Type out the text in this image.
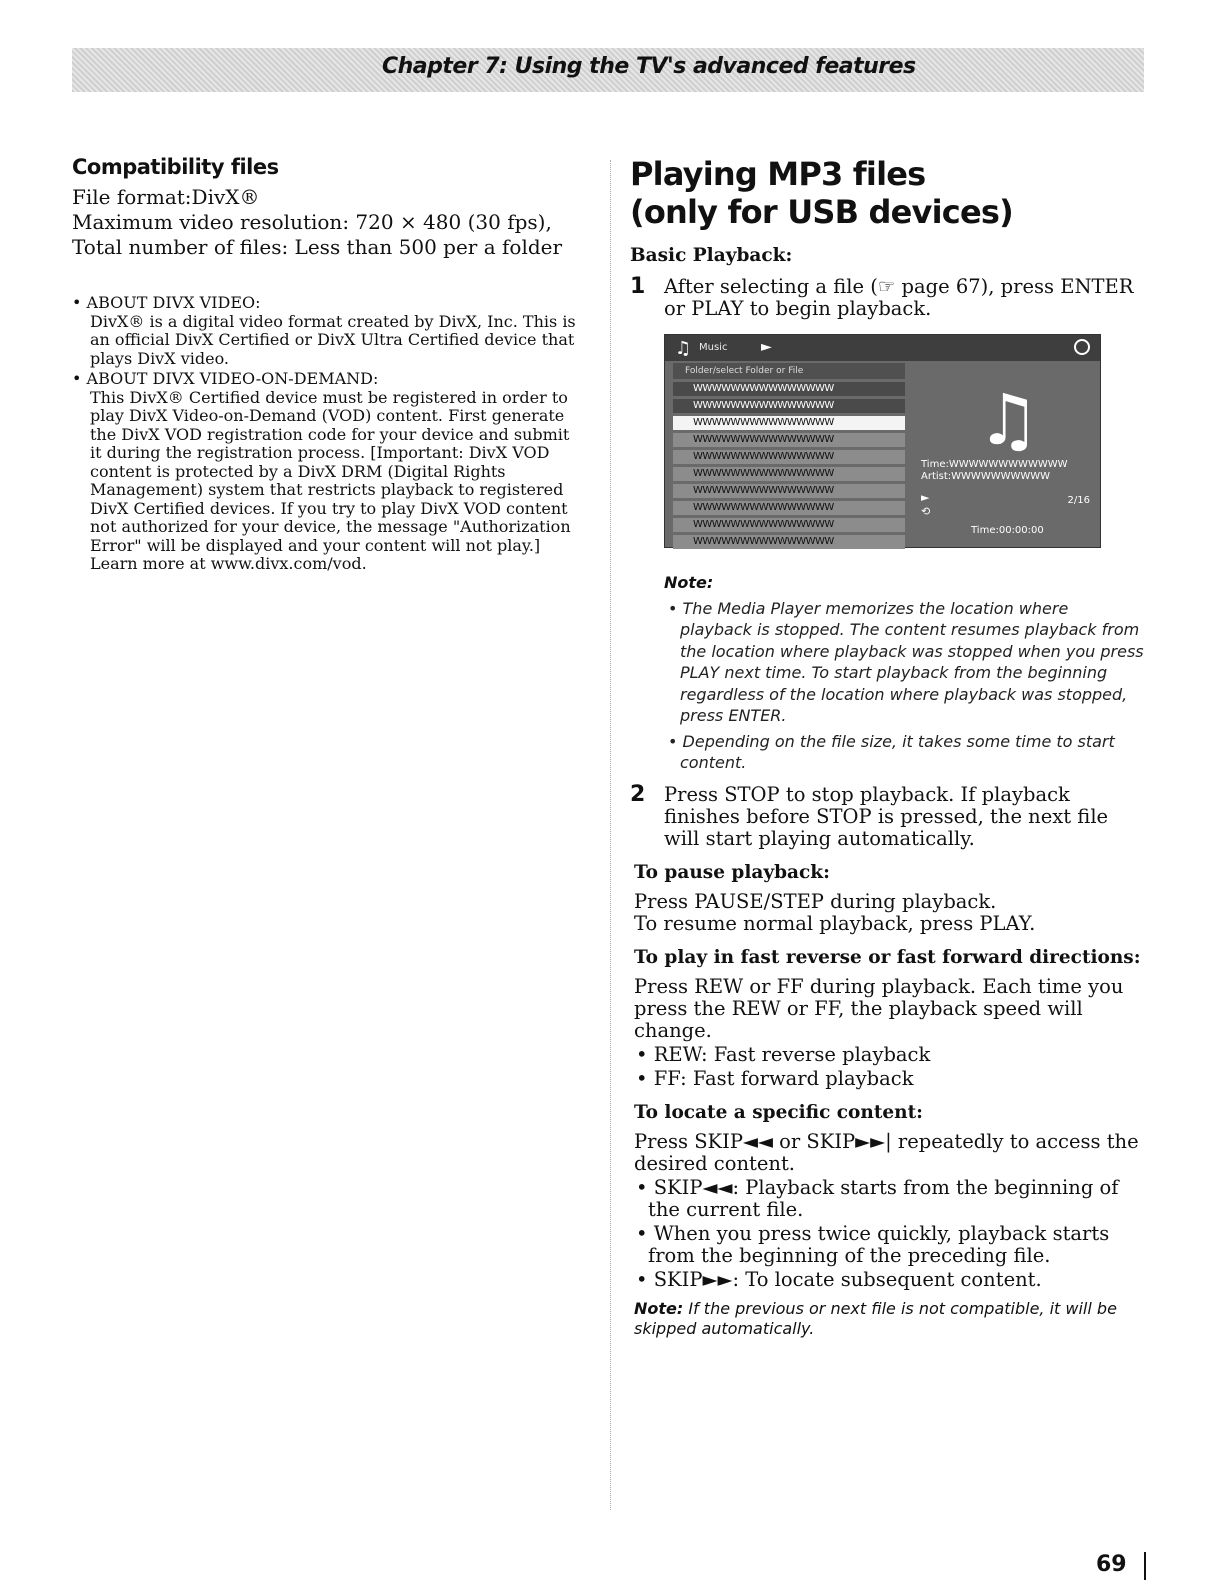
Chapter 7: Using the TV's advanced features
Compatibility files

File format:DivX®

Maximum video resolution: 720 × 480 (30 fps),

Total number of files: Less than 500 per a folder

• ABOUT DIVX VIDEO:
DivX® is a digital video format created by DivX, Inc. This is an official DivX Certified or DivX Ultra Certified device that plays DivX video.
• ABOUT DIVX VIDEO-ON-DEMAND:
This DivX® Certified device must be registered in order to play DivX Video-on-Demand (VOD) content. First generate the DivX VOD registration code for your device and submit it during the registration process. [Important: DivX VOD content is protected by a DivX DRM (Digital Rights Management) system that restricts playback to registered DivX Certified devices. If you try to play DivX VOD content not authorized for your device, the message "Authorization Error" will be displayed and your content will not play.] Learn more at www.divx.com/vod.
Playing MP3 files
(only for USB devices)
Basic Playback:
1 After selecting a file (☞ page 67), press ENTER or PLAY to begin playback.
♫ Music ►
Folder/select Folder or File
WWWWWWWWWWWWWWW
WWWWWWWWWWWWWWW
WWWWWWWWWWWWWWW
WWWWWWWWWWWWWWW
WWWWWWWWWWWWWWW
WWWWWWWWWWWWWWW
WWWWWWWWWWWWWWW
WWWWWWWWWWWWWWW
WWWWWWWWWWWWWWW
WWWWWWWWWWWWWWW
♫
Time:WWWWWWWWWWWW
Artist:WWWWWWWWWW
►
⟲
2/16
Time:00:00:00
Note:
• The Media Player memorizes the location where playback is stopped. The content resumes playback from the location where playback was stopped when you press PLAY next time. To start playback from the beginning regardless of the location where playback was stopped, press ENTER.
• Depending on the file size, it takes some time to start content.
2 Press STOP to stop playback. If playback finishes before STOP is pressed, the next file will start playing automatically.
To pause playback:

Press PAUSE/STEP during playback.

To resume normal playback, press PLAY.

To play in fast reverse or fast forward directions:

Press REW or FF during playback. Each time you press the REW or FF, the playback speed will change.

• REW: Fast reverse playback
• FF: Fast forward playback
To locate a specific content:

Press SKIP◄◄ or SKIP►►| repeatedly to access the desired content.

• SKIP◄◄: Playback starts from the beginning of the current file.
• When you press twice quickly, playback starts from the beginning of the preceding file.
• SKIP►►: To locate subsequent content.
Note: If the previous or next file is not compatible, it will be skipped automatically.
69
